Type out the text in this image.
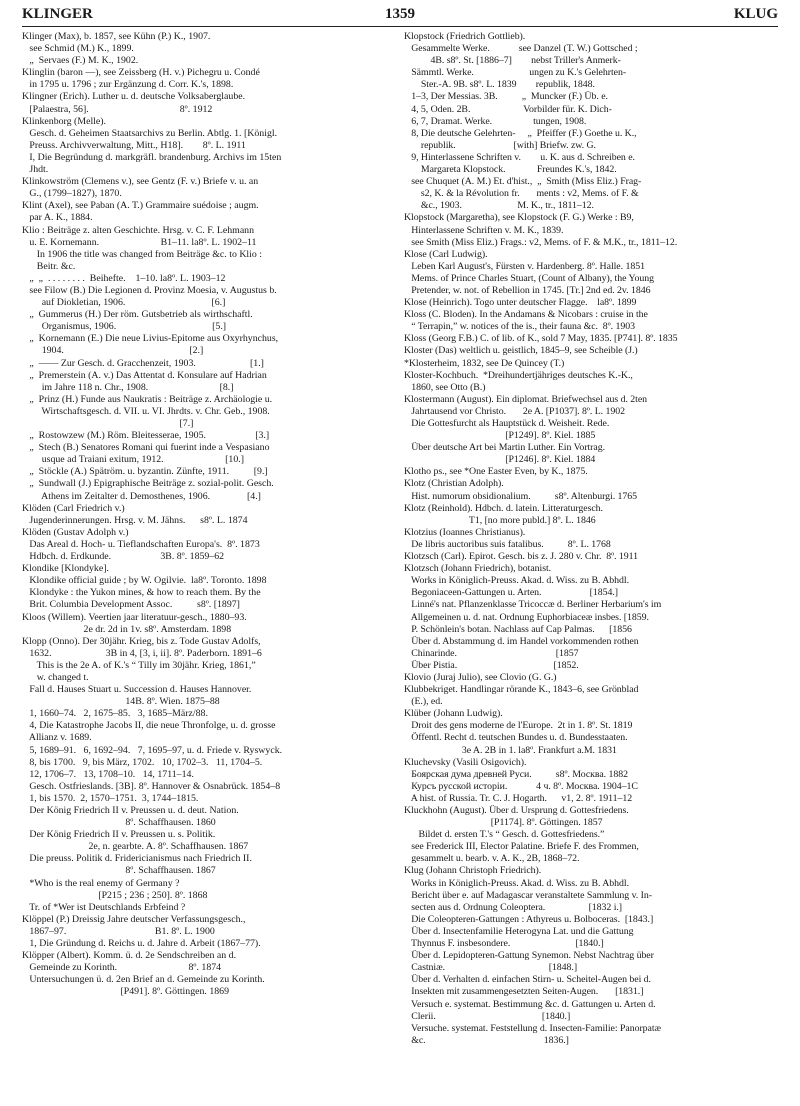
KLINGER	1359	KLUG
Klinger (Max), b. 1857, see Kühn (P.) K., 1907.
see Schmid (M.) K., 1899.
„  Servaes (F.) M. K., 1902.
Klinglin (baron —), see Zeissberg (H. v.) Pichegru u. Condé
in 1795 u. 1796 ; zur Ergänzung d. Corr. K.'s, 1898.
Klingner (Erich). Luther u. d. deutsche Volksaberglaube.
[Palaestra, 56].                                     8º. 1912
Klinkenborg (Melle).
Gesch. d. Geheimen Staatsarchivs zu Berlin. Abtlg. 1. [Königl.
Preuss. Archivverwaltung, Mitt., H18].        8º. L. 1911
I, Die Begründung d. markgräfl. brandenburg. Archivs im 15ten
Jhdt.
Klinkowström (Clemens v.), see Gentz (F. v.) Briefe v. u. an
G., (1799–1827), 1870.
Klint (Axel), see Paban (A. T.) Grammaire suédoise ; augm.
par A. K., 1884.
Klio : Beiträge z. alten Geschichte. Hrsg. v. C. F. Lehmann
u. E. Kornemann.                         B1–11. la8º. L. 1902–11
In 1906 the title was changed from Beiträge &c. to Klio :
Beitr. &c.
„  „  . . . . . . . .  Beihefte.    1–10. la8º. L. 1903–12
see Filow (B.) Die Legionen d. Provinz Moesia, v. Augustus b.
auf Diokletian, 1906.                                   [6.]
„  Gummerus (H.) Der röm. Gutsbetrieb als wirthschaftl.
Organismus, 1906.                                       [5.]
„  Kornemann (E.) Die neue Livius-Epitome aus Oxyrhynchus,
1904.                                                   [2.]
„  —— Zur Gesch. d. Gracchenzeit, 1903.                      [1.]
„  Premerstein (A. v.) Das Attentat d. Konsulare auf Hadrian
im Jahre 118 n. Chr., 1908.                             [8.]
„  Prinz (H.) Funde aus Naukratis : Beiträge z. Archäologie u.
Wirtschaftsgesch. d. VII. u. VI. Jhrdts. v. Chr. Geb., 1908.
[7.]
„  Rostowzew (M.) Röm. Bleitesserae, 1905.                    [3.]
„  Stech (B.) Senatores Romani qui fuerint inde a Vespasiano
usque ad Traiani exitum, 1912.                         [10.]
„  Stöckle (A.) Spätröm. u. byzantin. Zünfte, 1911.          [9.]
„  Sundwall (J.) Epigraphische Beiträge z. sozial-polit. Gesch.
Athens im Zeitalter d. Demosthenes, 1906.               [4.]
Klöden (Carl Friedrich v.)
Jugenderinnerungen. Hrsg. v. M. Jähns.      s8º. L. 1874
Klöden (Gustav Adolph v.)
Das Areal d. Hoch- u. Tieflandschaften Europa's.  8º. 1873
Hdbch. d. Erdkunde.                    3B. 8º. 1859–62
Klondike [Klondyke].
Klondike official guide ; by W. Ogilvie.  la8º. Toronto. 1898
Klondyke : the Yukon mines, & how to reach them. By the
Brit. Columbia Development Assoc.          s8º. [1897]
Kloos (Willem). Veertien jaar literatuur-gesch., 1880–93.
2e dr. 2d in 1v. s8º. Amsterdam. 1898
Klopp (Onno). Der 30jähr. Krieg, bis z. Tode Gustav Adolfs,
1632.                      3B in 4, [3, i, ii]. 8º. Paderborn. 1891–6
This is the 2e A. of K.'s “ Tilly im 30jähr. Krieg, 1861,”
w. changed t.
Fall d. Hauses Stuart u. Succession d. Hauses Hannover.
14B. 8º. Wien. 1875–88
1, 1660–74.   2, 1675–85.   3, 1685–März/88.
4, Die Katastrophe Jacobs II, die neue Thronfolge, u. d. grosse
Allianz v. 1689.
5, 1689–91.   6, 1692–94.   7, 1695–97, u. d. Friede v. Ryswyck.
8, bis 1700.   9, bis März, 1702.   10, 1702–3.   11, 1704–5.
12, 1706–7.   13, 1708–10.   14, 1711–14.
Gesch. Ostfrieslands. [3B]. 8º. Hannover & Osnabrück. 1854–8
1, bis 1570.  2, 1570–1751.  3, 1744–1815.
Der König Friedrich II v. Preussen u. d. deut. Nation.
8º. Schaffhausen. 1860
Der König Friedrich II v. Preussen u. s. Politik.
2e, n. gearbte. A. 8º. Schaffhausen. 1867
Die preuss. Politik d. Fridericianismus nach Friedrich II.
8º. Schaffhausen. 1867
*Who is the real enemy of Germany ?
[P215 ; 236 ; 250]. 8º. 1868
Tr. of *Wer ist Deutschlands Erbfeind ?
Klöppel (P.) Dreissig Jahre deutscher Verfassungsgesch.,
1867–97.                                    B1. 8º. L. 1900
1, Die Gründung d. Reichs u. d. Jahre d. Arbeit (1867–77).
Klöpper (Albert). Komm. ü. d. 2e Sendschreiben an d.
Gemeinde zu Korinth.                             8º. 1874
Untersuchungen ü. d. 2en Brief an d. Gemeinde zu Korinth.
[P491]. 8º. Göttingen. 1869
Klopstock (Friedrich Gottlieb).
Gesammelte Werke.            see Danzel (T. W.) Gottsched ;
4B. s8º. St. [1886–7]        nebst Triller's Anmerk-
Sämmtl. Werke.                       ungen zu K.'s Gelehrten-
Ster.-A. 9B. s8º. L. 1839        republik, 1848.
1–3, Der Messias. 3B.          „  Muncker (F.) Üb. e.
4, 5, Oden. 2B.                      Vorbilder für. K. Dich-
6, 7, Dramat. Werke.                 tungen, 1908.
8, Die deutsche Gelehrten-     „  Pfeiffer (F.) Goethe u. K.,
republik.                        [with] Briefw. zw. G.
9, Hinterlassene Schriften v.        u. K. aus d. Schreiben e.
Margareta Klopstock.             Freundes K.'s, 1842.
see Chuquet (A. M.) Et. d'hist.,  „  Smith (Miss Eliz.) Frag-
s2, K. & la Révolution fr.       ments : v2, Mems. of F. &
&c., 1903.                       M. K., tr., 1811–12.
Klopstock (Margaretha), see Klopstock (F. G.) Werke : B9,
Hinterlassene Schriften v. M. K., 1839.
see Smith (Miss Eliz.) Frags.: v2, Mems. of F. & M.K., tr., 1811–12.
Klose (Carl Ludwig).
Leben Karl August's, Fürsten v. Hardenberg. 8º. Halle. 1851
Mems. of Prince Charles Stuart, (Count of Albany), the Young
Pretender, w. not. of Rebellion in 1745. [Tr.] 2nd ed. 2v. 1846
Klose (Heinrich). Togo unter deutscher Flagge.    la8º. 1899
Kloss (C. Bloden). In the Andamans & Nicobars : cruise in the
“ Terrapin,” w. notices of the is., their fauna &c.  8º. 1903
Kloss (Georg F.B.) C. of lib. of K., sold 7 May, 1835. [P741]. 8º. 1835
Kloster (Das) weltlich u. geistlich, 1845–9, see Scheible (J.)
*Klosterheim, 1832, see De Quincey (T.)
Kloster-Kochbuch.  *Dreihundertjähriges deutsches K.-K.,
1860, see Otto (B.)
Klostermann (August). Ein diplomat. Briefwechsel aus d. 2ten
Jahrtausend vor Christo.       2e A. [P1037]. 8º. L. 1902
Die Gottesfurcht als Hauptstück d. Weisheit. Rede.
[P1249]. 8º. Kiel. 1885
Über deutsche Art bei Martin Luther. Ein Vortrag.
[P1246]. 8º. Kiel. 1884
Klotho ps., see *One Easter Even, by K., 1875.
Klotz (Christian Adolph).
Hist. numorum obsidionalium.          s8º. Altenburgi. 1765
Klotz (Reinhold). Hdbch. d. latein. Litteraturgesch.
T1, [no more publd.] 8º. L. 1846
Klotzius (Ioannes Christianus).
De libris auctoribus suis fatalibus.          8º. L. 1768
Klotzsch (Carl). Epirot. Gesch. bis z. J. 280 v. Chr.  8º. 1911
Klotzsch (Johann Friedrich), botanist.
Works in Königlich-Preuss. Akad. d. Wiss. zu B. Abhdl.
Begoniaceen-Gattungen u. Arten.                    [1854.]
Linné's nat. Pflanzenklasse Tricoccæ d. Berliner Herbarium's im
Allgemeinen u. d. nat. Ordnung Euphorbiaceæ insbes. [1859.
P. Schönlein's botan. Nachlass auf Cap Palmas.      [1856
Über d. Abstammung d. im Handel vorkommenden rothen
Chinarinde.                                         [1857
Über Pistia.                                        [1852.
Klovio (Juraj Julio), see Clovio (G. G.)
Klubbekriget. Handlingar rörande K., 1843–6, see Grönblad
(E.), ed.
Klüber (Johann Ludwig).
Droit des gens moderne de l'Europe.  2t in 1. 8º. St. 1819
Öffentl. Recht d. teutschen Bundes u. d. Bundesstaaten.
3e A. 2B in 1. la8º. Frankfurt a.M. 1831
Kluchevsky (Vasili Osigovich).
Боярская дума древней Руси.          s8º. Москва. 1882
Курсъ русской исторіи.            4 ч. 8º. Москва. 1904–1C
A hist. of Russia. Tr. C. J. Hogarth.      v1, 2. 8º. 1911–12
Kluckhohn (August). Über d. Ursprung d. Gottesfriedens.
[P1174]. 8º. Göttingen. 1857
Bildet d. ersten T.'s “ Gesch. d. Gottesfriedens.”
see Frederick III, Elector Palatine. Briefe F. des Frommen,
gesammelt u. bearb. v. A. K., 2B, 1868–72.
Klug (Johann Christoph Friedrich).
Works in Königlich-Preuss. Akad. d. Wiss. zu B. Abhdl.
Bericht über e. auf Madagascar veranstaltete Sammlung v. In-
secten aus d. Ordnung Coleoptera.                  [1832 i.]
Die Coleopteren-Gattungen : Athyreus u. Bolboceras.  [1843.]
Über d. Insectenfamilie Heterogyna Lat. und die Gattung
Thynnus F. insbesondere.                           [1840.]
Über d. Lepidopteren-Gattung Synemon. Nebst Nachtrag über
Castniæ.                                           [1848.]
Über d. Verhalten d. einfachen Stirn- u. Scheitel-Augen bei d.
Insekten mit zusammengesetzten Seiten-Augen.       [1831.]
Versuch e. systemat. Bestimmung &c. d. Gattungen u. Arten d.
Clerii.                                            [1840.]
Versuche. systemat. Feststellung d. Insecten-Familie: Panorpatæ
&c.                                                 1836.]
